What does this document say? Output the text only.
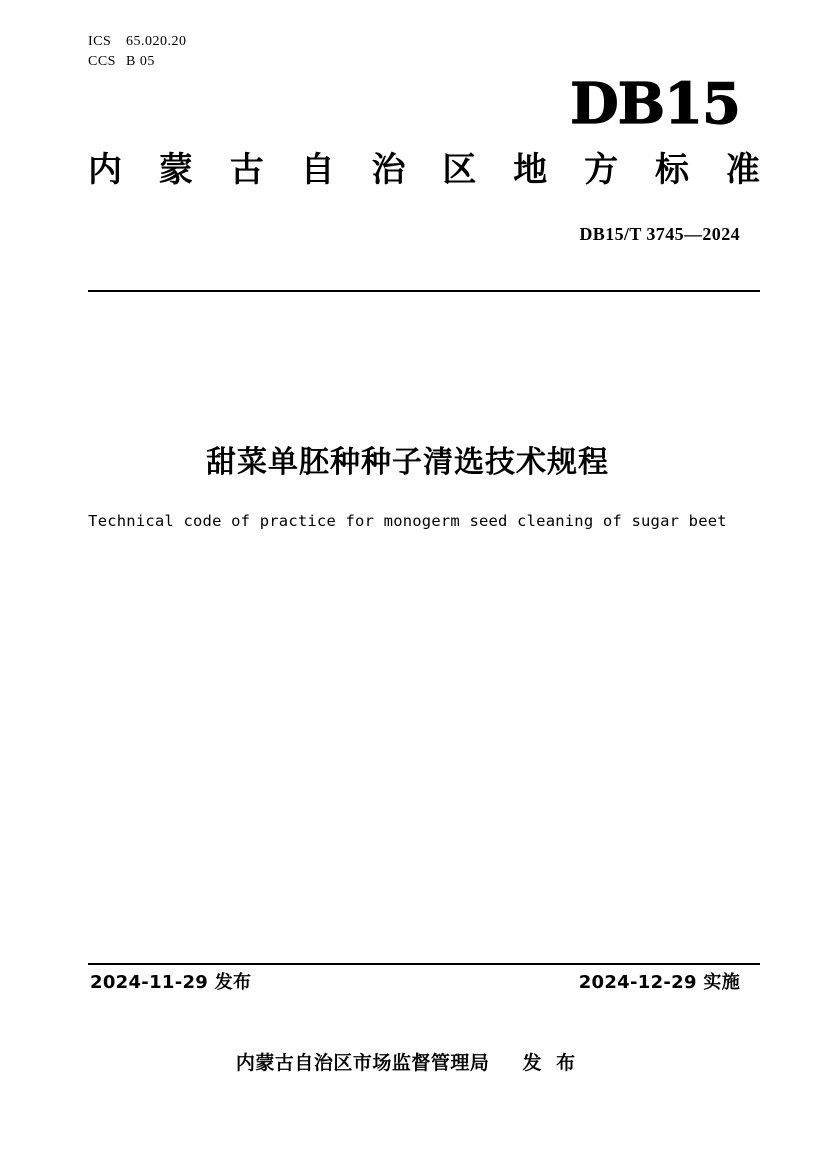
ICS 65.020.20
CCS B 05
DB15
内 蒙 古 自 治 区 地 方 标 准
DB15/T 3745—2024
甜菜单胚种种子清选技术规程
Technical code of practice for monogerm seed cleaning of sugar beet
2024-11-29 发布	2024-12-29 实施
内蒙古自治区市场监督管理局 发 布
